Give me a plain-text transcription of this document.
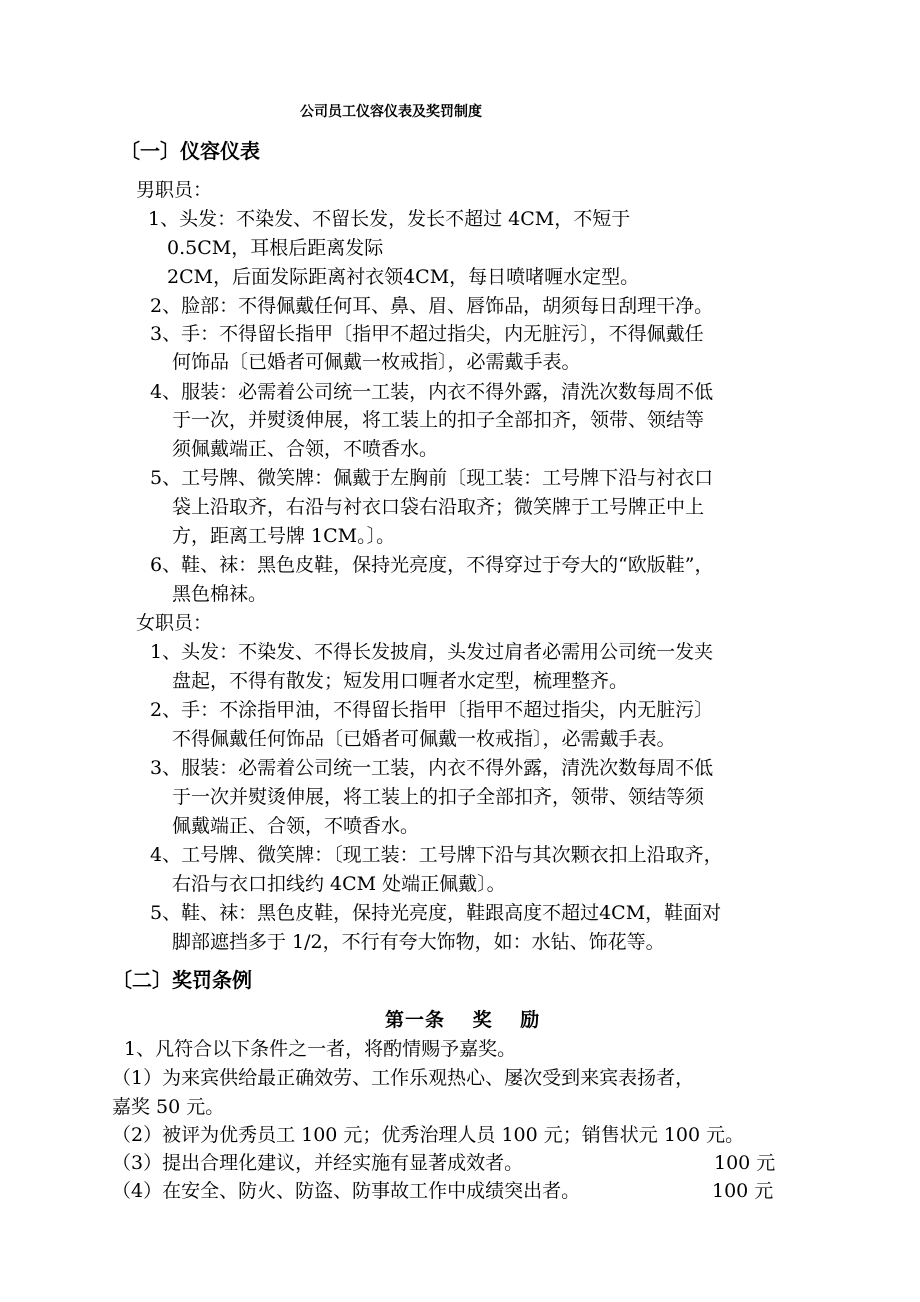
公司员工仪容仪表及奖罚制度
〔一〕仪容仪表
男职员：
1、头发：不染发、不留长发，发长不超过 4CM，不短于
0.5CM，耳根后距离发际
2CM，后面发际距离衬衣领4CM，每日喷啫喱水定型。
2、脸部：不得佩戴任何耳、鼻、眉、唇饰品，胡须每日刮理干净。
3、手：不得留长指甲〔指甲不超过指尖，内无脏污〕，不得佩戴任
何饰品〔已婚者可佩戴一枚戒指〕，必需戴手表。
4、服装：必需着公司统一工装，内衣不得外露，清洗次数每周不低
于一次，并熨烫伸展，将工装上的扣子全部扣齐，领带、领结等
须佩戴端正、合领，不喷香水。
5、工号牌、微笑牌：佩戴于左胸前〔现工装：工号牌下沿与衬衣口
袋上沿取齐，右沿与衬衣口袋右沿取齐；微笑牌于工号牌正中上
方，距离工号牌 1CM。〕。
6、鞋、袜：黑色皮鞋，保持光亮度，不得穿过于夸大的“欧版鞋”，
黑色棉袜。
女职员：
1、头发：不染发、不得长发披肩，头发过肩者必需用公司统一发夹
盘起，不得有散发；短发用口喱者水定型，梳理整齐。
2、手：不涂指甲油，不得留长指甲〔指甲不超过指尖，内无脏污〕
不得佩戴任何饰品〔已婚者可佩戴一枚戒指〕，必需戴手表。
3、服装：必需着公司统一工装，内衣不得外露，清洗次数每周不低
于一次并熨烫伸展，将工装上的扣子全部扣齐，领带、领结等须
佩戴端正、合领，不喷香水。
4、工号牌、微笑牌：〔现工装：工号牌下沿与其次颗衣扣上沿取齐，
右沿与衣口扣线约 4CM 处端正佩戴〕。
5、鞋、袜：黑色皮鞋，保持光亮度，鞋跟高度不超过4CM，鞋面对
脚部遮挡多于 1/2，不行有夸大饰物，如：水钻、饰花等。
〔二〕奖罚条例
第一条　 奖　 励
1、凡符合以下条件之一者，将酌情赐予嘉奖。
（1）为来宾供给最正确效劳、工作乐观热心、屡次受到来宾表扬者，
嘉奖 50 元。
（2）被评为优秀员工 100 元；优秀治理人员 100 元；销售状元 100 元。
（3）提出合理化建议，并经实施有显著成效者。	100 元
（4）在安全、防火、防盗、防事故工作中成绩突出者。	100 元
